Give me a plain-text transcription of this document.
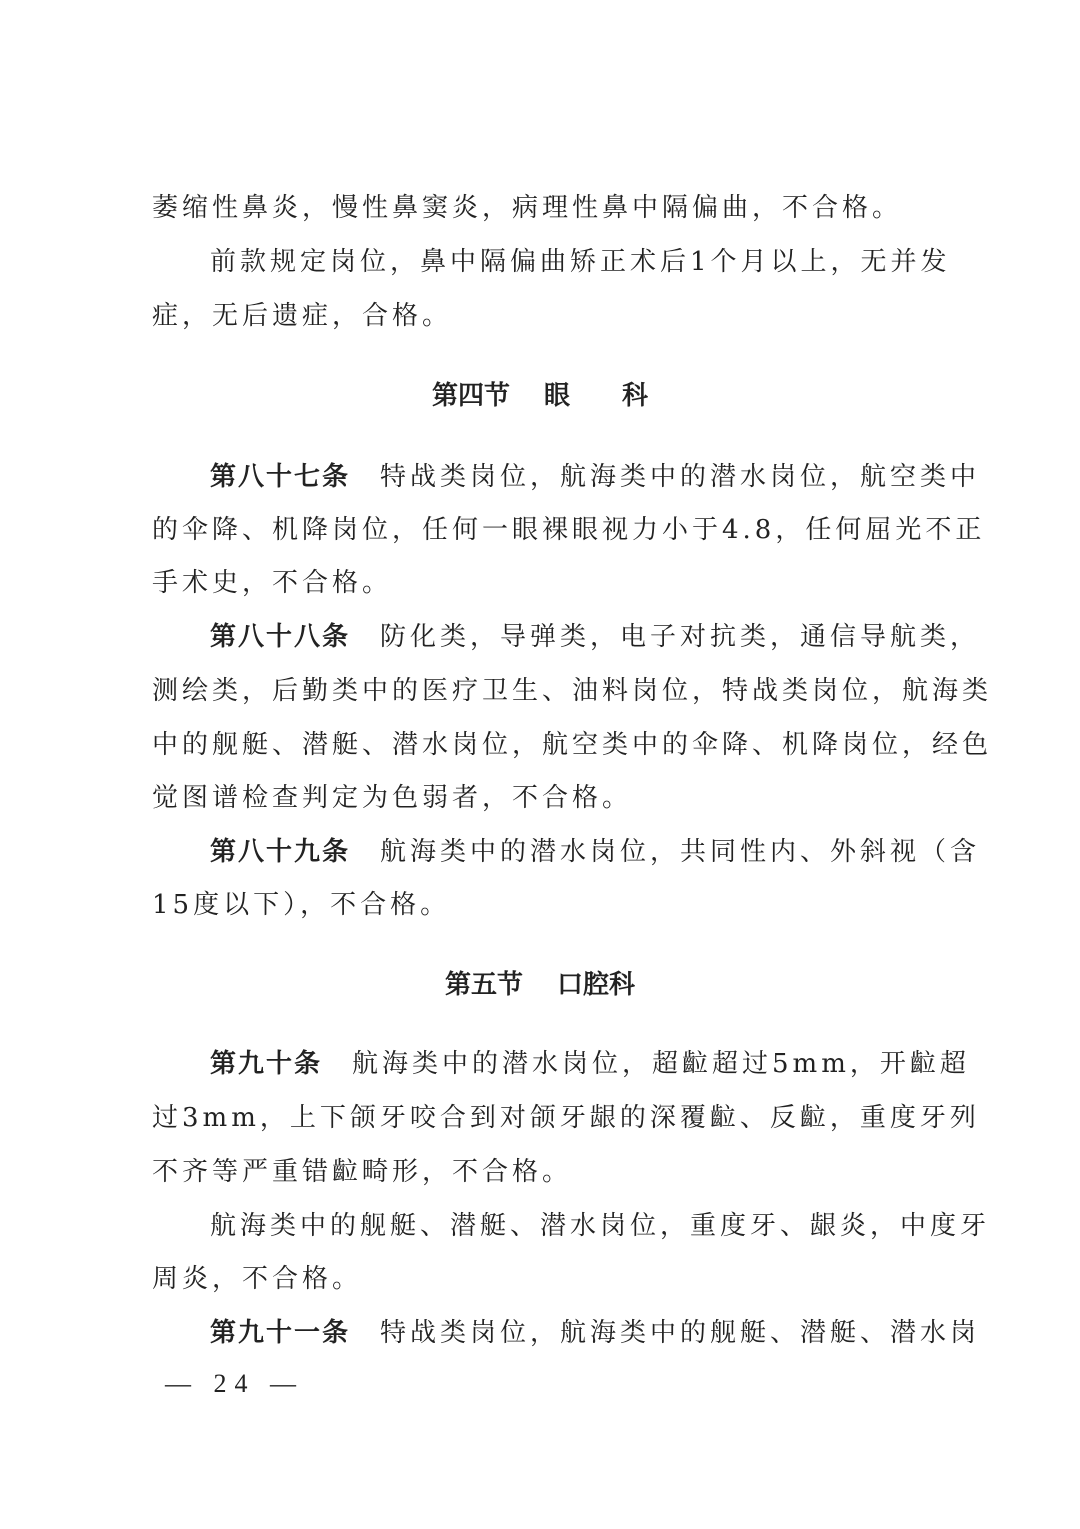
萎缩性鼻炎，慢性鼻窦炎，病理性鼻中隔偏曲，不合格。
前款规定岗位，鼻中隔偏曲矫正术后1个月以上，无并发
症，无后遗症，合格。
第四节 眼　　科
第八十七条 特战类岗位，航海类中的潜水岗位，航空类中
的伞降、机降岗位，任何一眼裸眼视力小于4.8，任何屈光不正
手术史，不合格。
第八十八条 防化类，导弹类，电子对抗类，通信导航类，
测绘类，后勤类中的医疗卫生、油料岗位，特战类岗位，航海类
中的舰艇、潜艇、潜水岗位，航空类中的伞降、机降岗位，经色
觉图谱检查判定为色弱者，不合格。
第八十九条 航海类中的潜水岗位，共同性内、外斜视（含
15度以下），不合格。
第五节 口腔科
第九十条 航海类中的潜水岗位，超䶘超过5mm，开䶘超
过3mm，上下颌牙咬合到对颌牙龈的深覆䶘、反䶘，重度牙列
不齐等严重错䶘畸形，不合格。
航海类中的舰艇、潜艇、潜水岗位，重度牙、龈炎，中度牙
周炎，不合格。
第九十一条 特战类岗位，航海类中的舰艇、潜艇、潜水岗
— 24 —
